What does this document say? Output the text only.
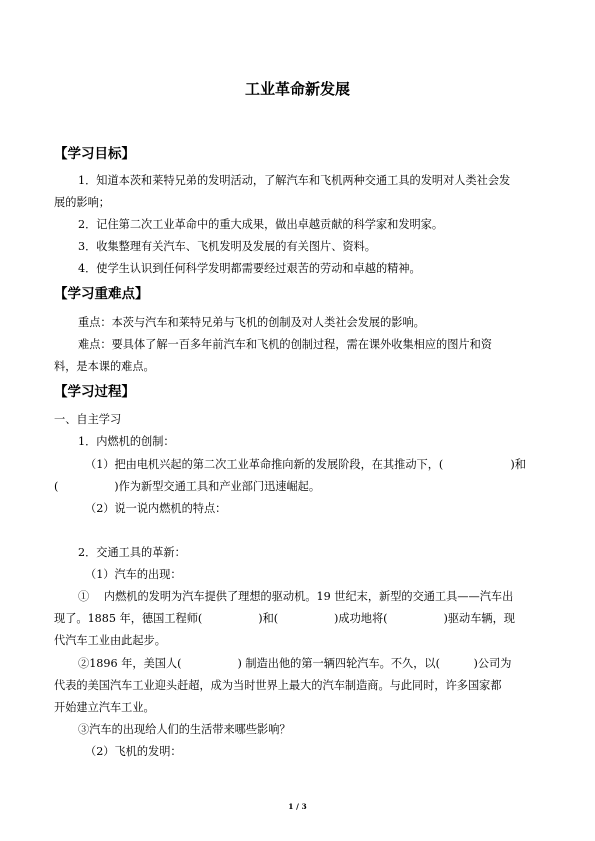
工业革命新发展
【学习目标】
1．知道本茨和莱特兄弟的发明活动，了解汽车和飞机两种交通工具的发明对人类社会发
展的影响；
2．记住第二次工业革命中的重大成果，做出卓越贡献的科学家和发明家。
3．收集整理有关汽车、飞机发明及发展的有关图片、资料。
4．使学生认识到任何科学发明都需要经过艰苦的劳动和卓越的精神。
【学习重难点】
重点：本茨与汽车和莱特兄弟与飞机的创制及对人类社会发展的影响。
难点：要具体了解一百多年前汽车和飞机的创制过程，需在课外收集相应的图片和资
料，是本课的难点。
【学习过程】
一、自主学习
1．内燃机的创制：
（1）把由电机兴起的第二次工业革命推向新的发展阶段，在其推动下，(　　　　　　)和
(　　　　　)作为新型交通工具和产业部门迅速崛起。
（2）说一说内燃机的特点：
2．交通工具的革新：
（1）汽车的出现：
①　 内燃机的发明为汽车提供了理想的驱动机。19 世纪末，新型的交通工具——汽车出
现了。1885 年，德国工程师(　　　　　)和(　　　　　)成功地将(　　　　　)驱动车辆，现
代汽车工业由此起步。
②1896 年，美国人(　　　　　) 制造出他的第一辆四轮汽车。不久，以(　　　)公司为
代表的美国汽车工业迎头赶超，成为当时世界上最大的汽车制造商。与此同时，许多国家都
开始建立汽车工业。
③汽车的出现给人们的生活带来哪些影响？
（2）飞机的发明：
1 / 3
